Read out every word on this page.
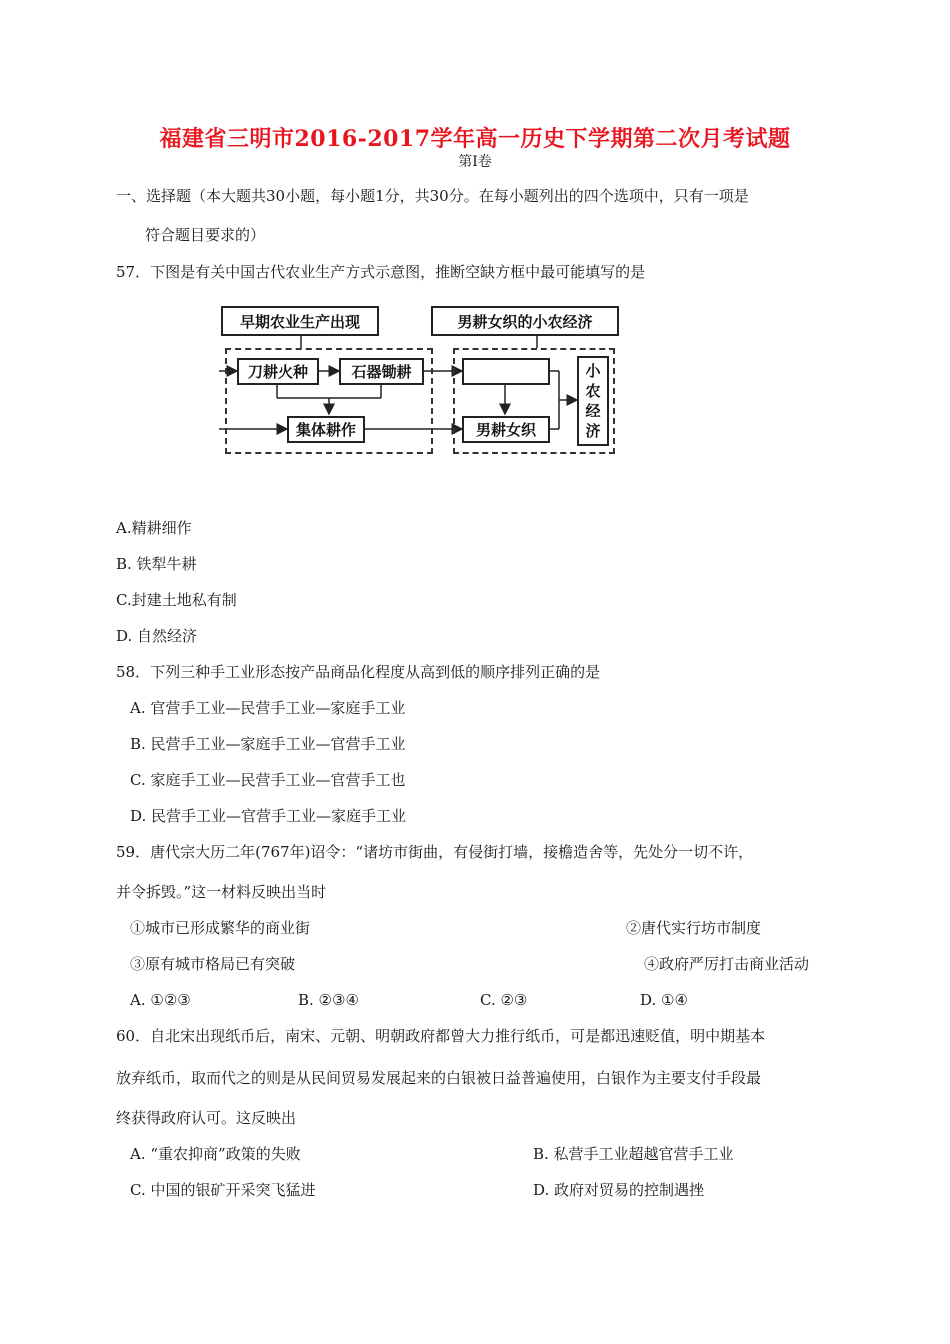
福建省三明市2016-2017学年高一历史下学期第二次月考试题
第Ⅰ卷
一、选择题（本大题共30小题，每小题1分，共30分。在每小题列出的四个选项中，只有一项是
符合题目要求的）
57．下图是有关中国古代农业生产方式示意图，推断空缺方框中最可能填写的是
早期农业生产出现	男耕女织的小农经济
刀耕火种	石器锄耕
集体耕作	男耕女织
小
农
经
济
A.精耕细作
B. 铁犁牛耕
C.封建土地私有制
D. 自然经济
58．下列三种手工业形态按产品商品化程度从高到低的顺序排列正确的是
A. 官营手工业—民营手工业—家庭手工业
B. 民营手工业—家庭手工业—官营手工业
C. 家庭手工业—民营手工业—官营手工也
D. 民营手工业—官营手工业—家庭手工业
59．唐代宗大历二年(767年)诏令：“诸坊市街曲，有侵街打墙，接檐造舍等，先处分一切不许，
并令拆毁。”这一材料反映出当时
①城市已形成繁华的商业街	②唐代实行坊市制度
③原有城市格局已有突破	④政府严厉打击商业活动
A. ①②③	B. ②③④	C. ②③	D. ①④
60．自北宋出现纸币后，南宋、元朝、明朝政府都曾大力推行纸币，可是都迅速贬值，明中期基本
放弃纸币，取而代之的则是从民间贸易发展起来的白银被日益普遍使用，白银作为主要支付手段最
终获得政府认可。这反映出
A. “重农抑商”政策的失败	B. 私营手工业超越官营手工业
C. 中国的银矿开采突飞猛进	D. 政府对贸易的控制遇挫
